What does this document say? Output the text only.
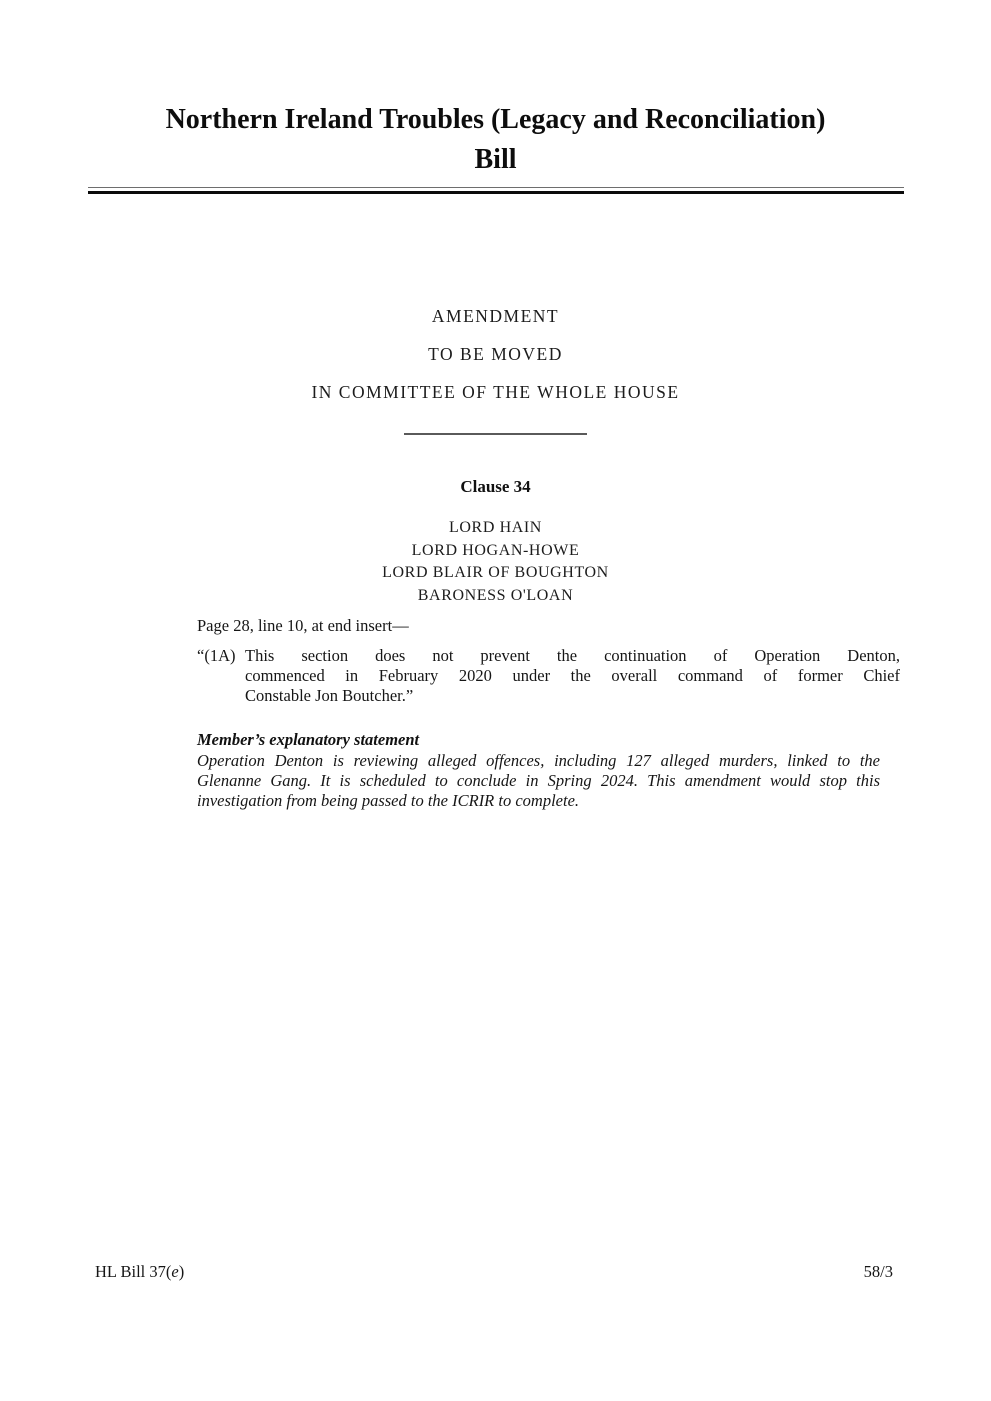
Northern Ireland Troubles (Legacy and Reconciliation)
Bill
AMENDMENT
TO BE MOVED
IN COMMITTEE OF THE WHOLE HOUSE
Clause 34
LORD HAIN
LORD HOGAN-HOWE
LORD BLAIR OF BOUGHTON
BARONESS O'LOAN
Page 28, line 10, at end insert—
“(1A) This section does not prevent the continuation of Operation Denton,
commenced in February 2020 under the overall command of former Chief
Constable Jon Boutcher.”
Member’s explanatory statement
Operation Denton is reviewing alleged offences, including 127 alleged murders, linked to the
Glenanne Gang. It is scheduled to conclude in Spring 2024. This amendment would stop this
investigation from being passed to the ICRIR to complete.
HL Bill 37(e)	58/3
